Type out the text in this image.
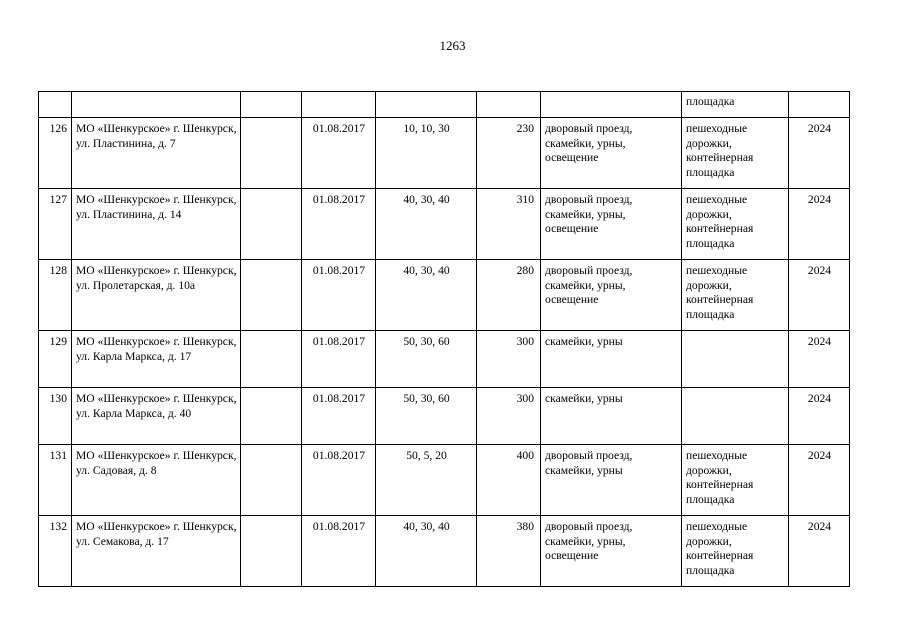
1263
							площадка	
126	МО «Шенкурское» г. Шенкурск, ул. Пластинина, д. 7		01.08.2017	10, 10, 30	230	дворовый проезд, скамейки, урны, освещение	пешеходные дорожки, контейнерная площадка	2024
127	МО «Шенкурское» г. Шенкурск, ул. Пластинина, д. 14		01.08.2017	40, 30, 40	310	дворовый проезд, скамейки, урны, освещение	пешеходные дорожки, контейнерная площадка	2024
128	МО «Шенкурское» г. Шенкурск, ул. Пролетарская, д. 10а		01.08.2017	40, 30, 40	280	дворовый проезд, скамейки, урны, освещение	пешеходные дорожки, контейнерная площадка	2024
129	МО «Шенкурское» г. Шенкурск, ул. Карла Маркса, д. 17		01.08.2017	50, 30, 60	300	скамейки, урны		2024
130	МО «Шенкурское» г. Шенкурск, ул. Карла Маркса, д. 40		01.08.2017	50, 30, 60	300	скамейки, урны		2024
131	МО «Шенкурское» г. Шенкурск, ул. Садовая, д. 8		01.08.2017	50, 5, 20	400	дворовый проезд, скамейки, урны	пешеходные дорожки, контейнерная площадка	2024
132	МО «Шенкурское» г. Шенкурск, ул. Семакова, д. 17		01.08.2017	40, 30, 40	380	дворовый проезд, скамейки, урны, освещение	пешеходные дорожки, контейнерная площадка	2024
